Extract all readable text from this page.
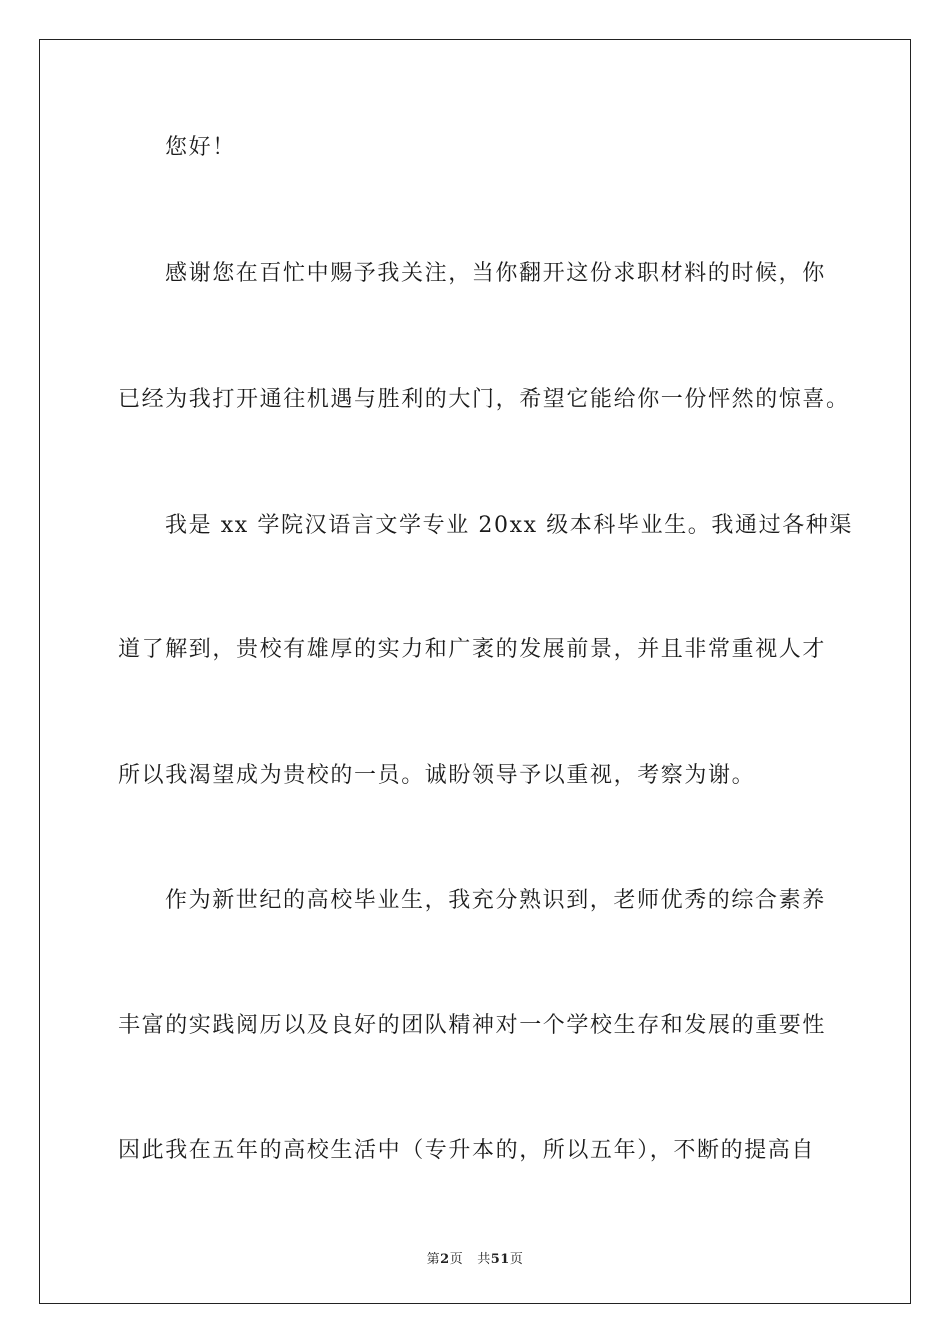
您好！
感谢您在百忙中赐予我关注，当你翻开这份求职材料的时候，你
已经为我打开通往机遇与胜利的大门，希望它能给你一份怦然的惊喜。
我是 xx 学院汉语言文学专业 20xx 级本科毕业生。我通过各种渠
道了解到，贵校有雄厚的实力和广袤的发展前景，并且非常重视人才
所以我渴望成为贵校的一员。诚盼领导予以重视，考察为谢。
作为新世纪的高校毕业生，我充分熟识到，老师优秀的综合素养
丰富的实践阅历以及良好的团队精神对一个学校生存和发展的重要性
因此我在五年的高校生活中（专升本的，所以五年），不断的提高自
第2页 共51页
